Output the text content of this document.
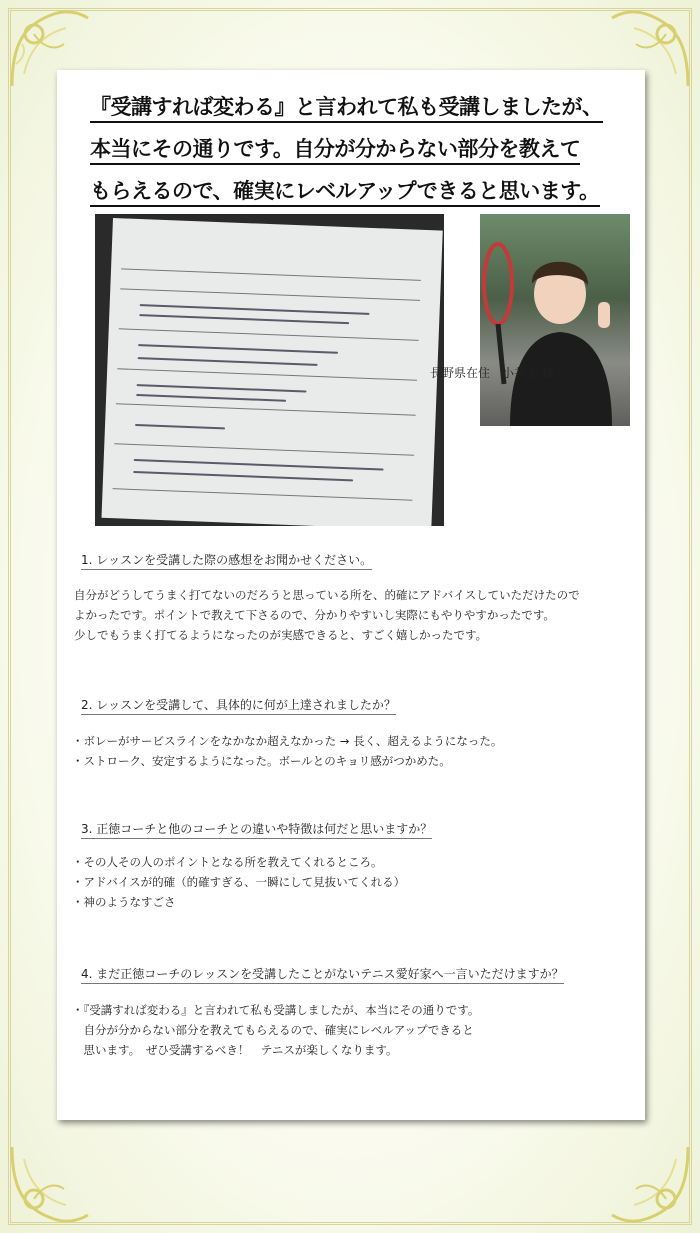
『受講すれば変わる』と言われて私も受講しましたが、
本当にその通りです。自分が分からない部分を教えて
もらえるので、確実にレベルアップできると思います。
長野県在住　小井土 様
1. レッスンを受講した際の感想をお聞かせください。
自分がどうしてうまく打てないのだろうと思っている所を、的確にアドバイスしていただけたので
よかったです。ポイントで教えて下さるので、分かりやすいし実際にもやりやすかったです。
少しでもうまく打てるようになったのが実感できると、すごく嬉しかったです。
2. レッスンを受講して、具体的に何が上達されましたか？
・ボレーがサービスラインをなかなか超えなかった → 長く、超えるようになった。
・ストローク、安定するようになった。ボールとのキョリ感がつかめた。
3. 正徳コーチと他のコーチとの違いや特徴は何だと思いますか？
・その人その人のポイントとなる所を教えてくれるところ。
・アドバイスが的確（的確すぎる、一瞬にして見抜いてくれる）
・神のようなすごさ
4. まだ正徳コーチのレッスンを受講したことがないテニス愛好家へ一言いただけますか？
・『受講すれば変わる』と言われて私も受講しましたが、本当にその通りです。
　自分が分からない部分を教えてもらえるので、確実にレベルアップできると
　思います。　ぜひ受講するべき！　テニスが楽しくなります。
